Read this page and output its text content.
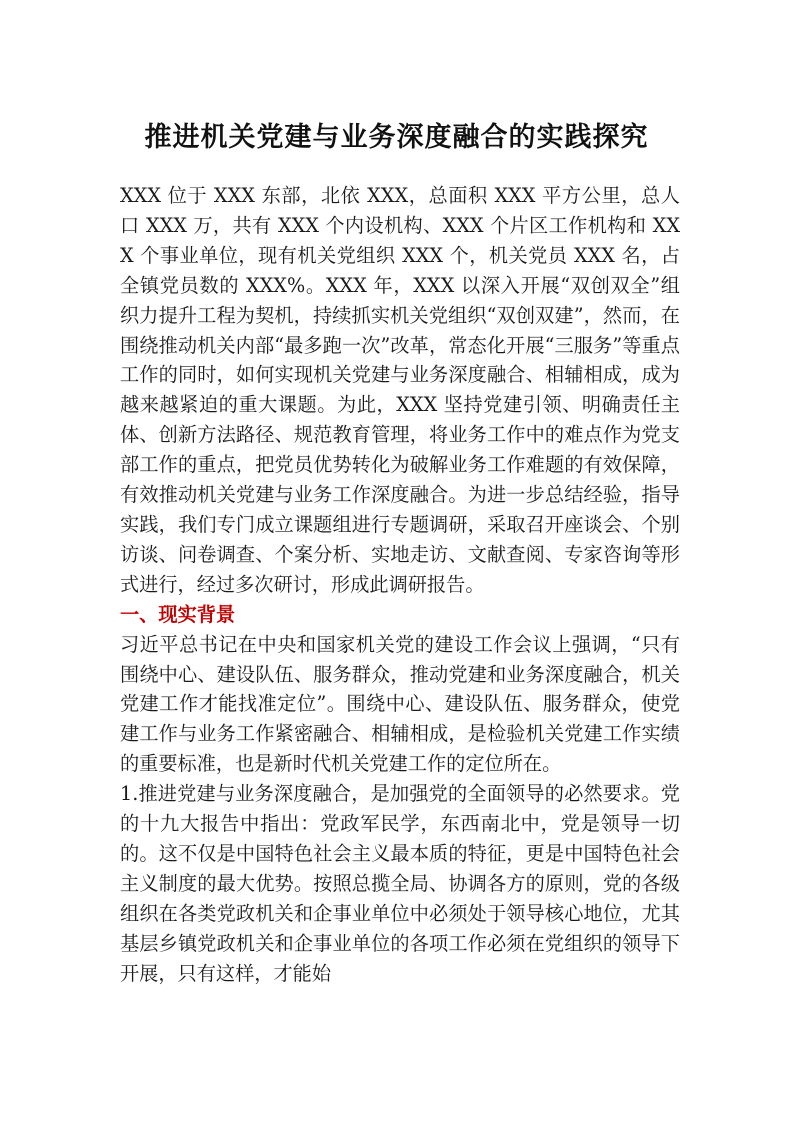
推进机关党建与业务深度融合的实践探究

XXX 位于 XXX 东部，北依 XXX，总面积 XXX 平方公里，总人口 XXX 万，共有 XXX 个内设机构、XXX 个片区工作机构和 XXX 个事业单位，现有机关党组织 XXX 个，机关党员 XXX 名，占全镇党员数的 XXX%。XXX 年，XXX 以深入开展“双创双全”组织力提升工程为契机，持续抓实机关党组织“双创双建”，然而，在围绕推动机关内部“最多跑一次”改革，常态化开展“三服务”等重点工作的同时，如何实现机关党建与业务深度融合、相辅相成，成为越来越紧迫的重大课题。为此，XXX 坚持党建引领、明确责任主体、创新方法路径、规范教育管理，将业务工作中的难点作为党支部工作的重点，把党员优势转化为破解业务工作难题的有效保障，有效推动机关党建与业务工作深度融合。为进一步总结经验，指导实践，我们专门成立课题组进行专题调研，采取召开座谈会、个别访谈、问卷调查、个案分析、实地走访、文献查阅、专家咨询等形式进行，经过多次研讨，形成此调研报告。

一、现实背景

习近平总书记在中央和国家机关党的建设工作会议上强调，“只有围绕中心、建设队伍、服务群众，推动党建和业务深度融合，机关党建工作才能找准定位”。围绕中心、建设队伍、服务群众，使党建工作与业务工作紧密融合、相辅相成，是检验机关党建工作实绩的重要标准，也是新时代机关党建工作的定位所在。

1.推进党建与业务深度融合，是加强党的全面领导的必然要求。党的十九大报告中指出：党政军民学，东西南北中，党是领导一切的。这不仅是中国特色社会主义最本质的特征，更是中国特色社会主义制度的最大优势。按照总揽全局、协调各方的原则，党的各级组织在各类党政机关和企事业单位中必须处于领导核心地位，尤其基层乡镇党政机关和企事业单位的各项工作必须在党组织的领导下开展，只有这样，才能始
